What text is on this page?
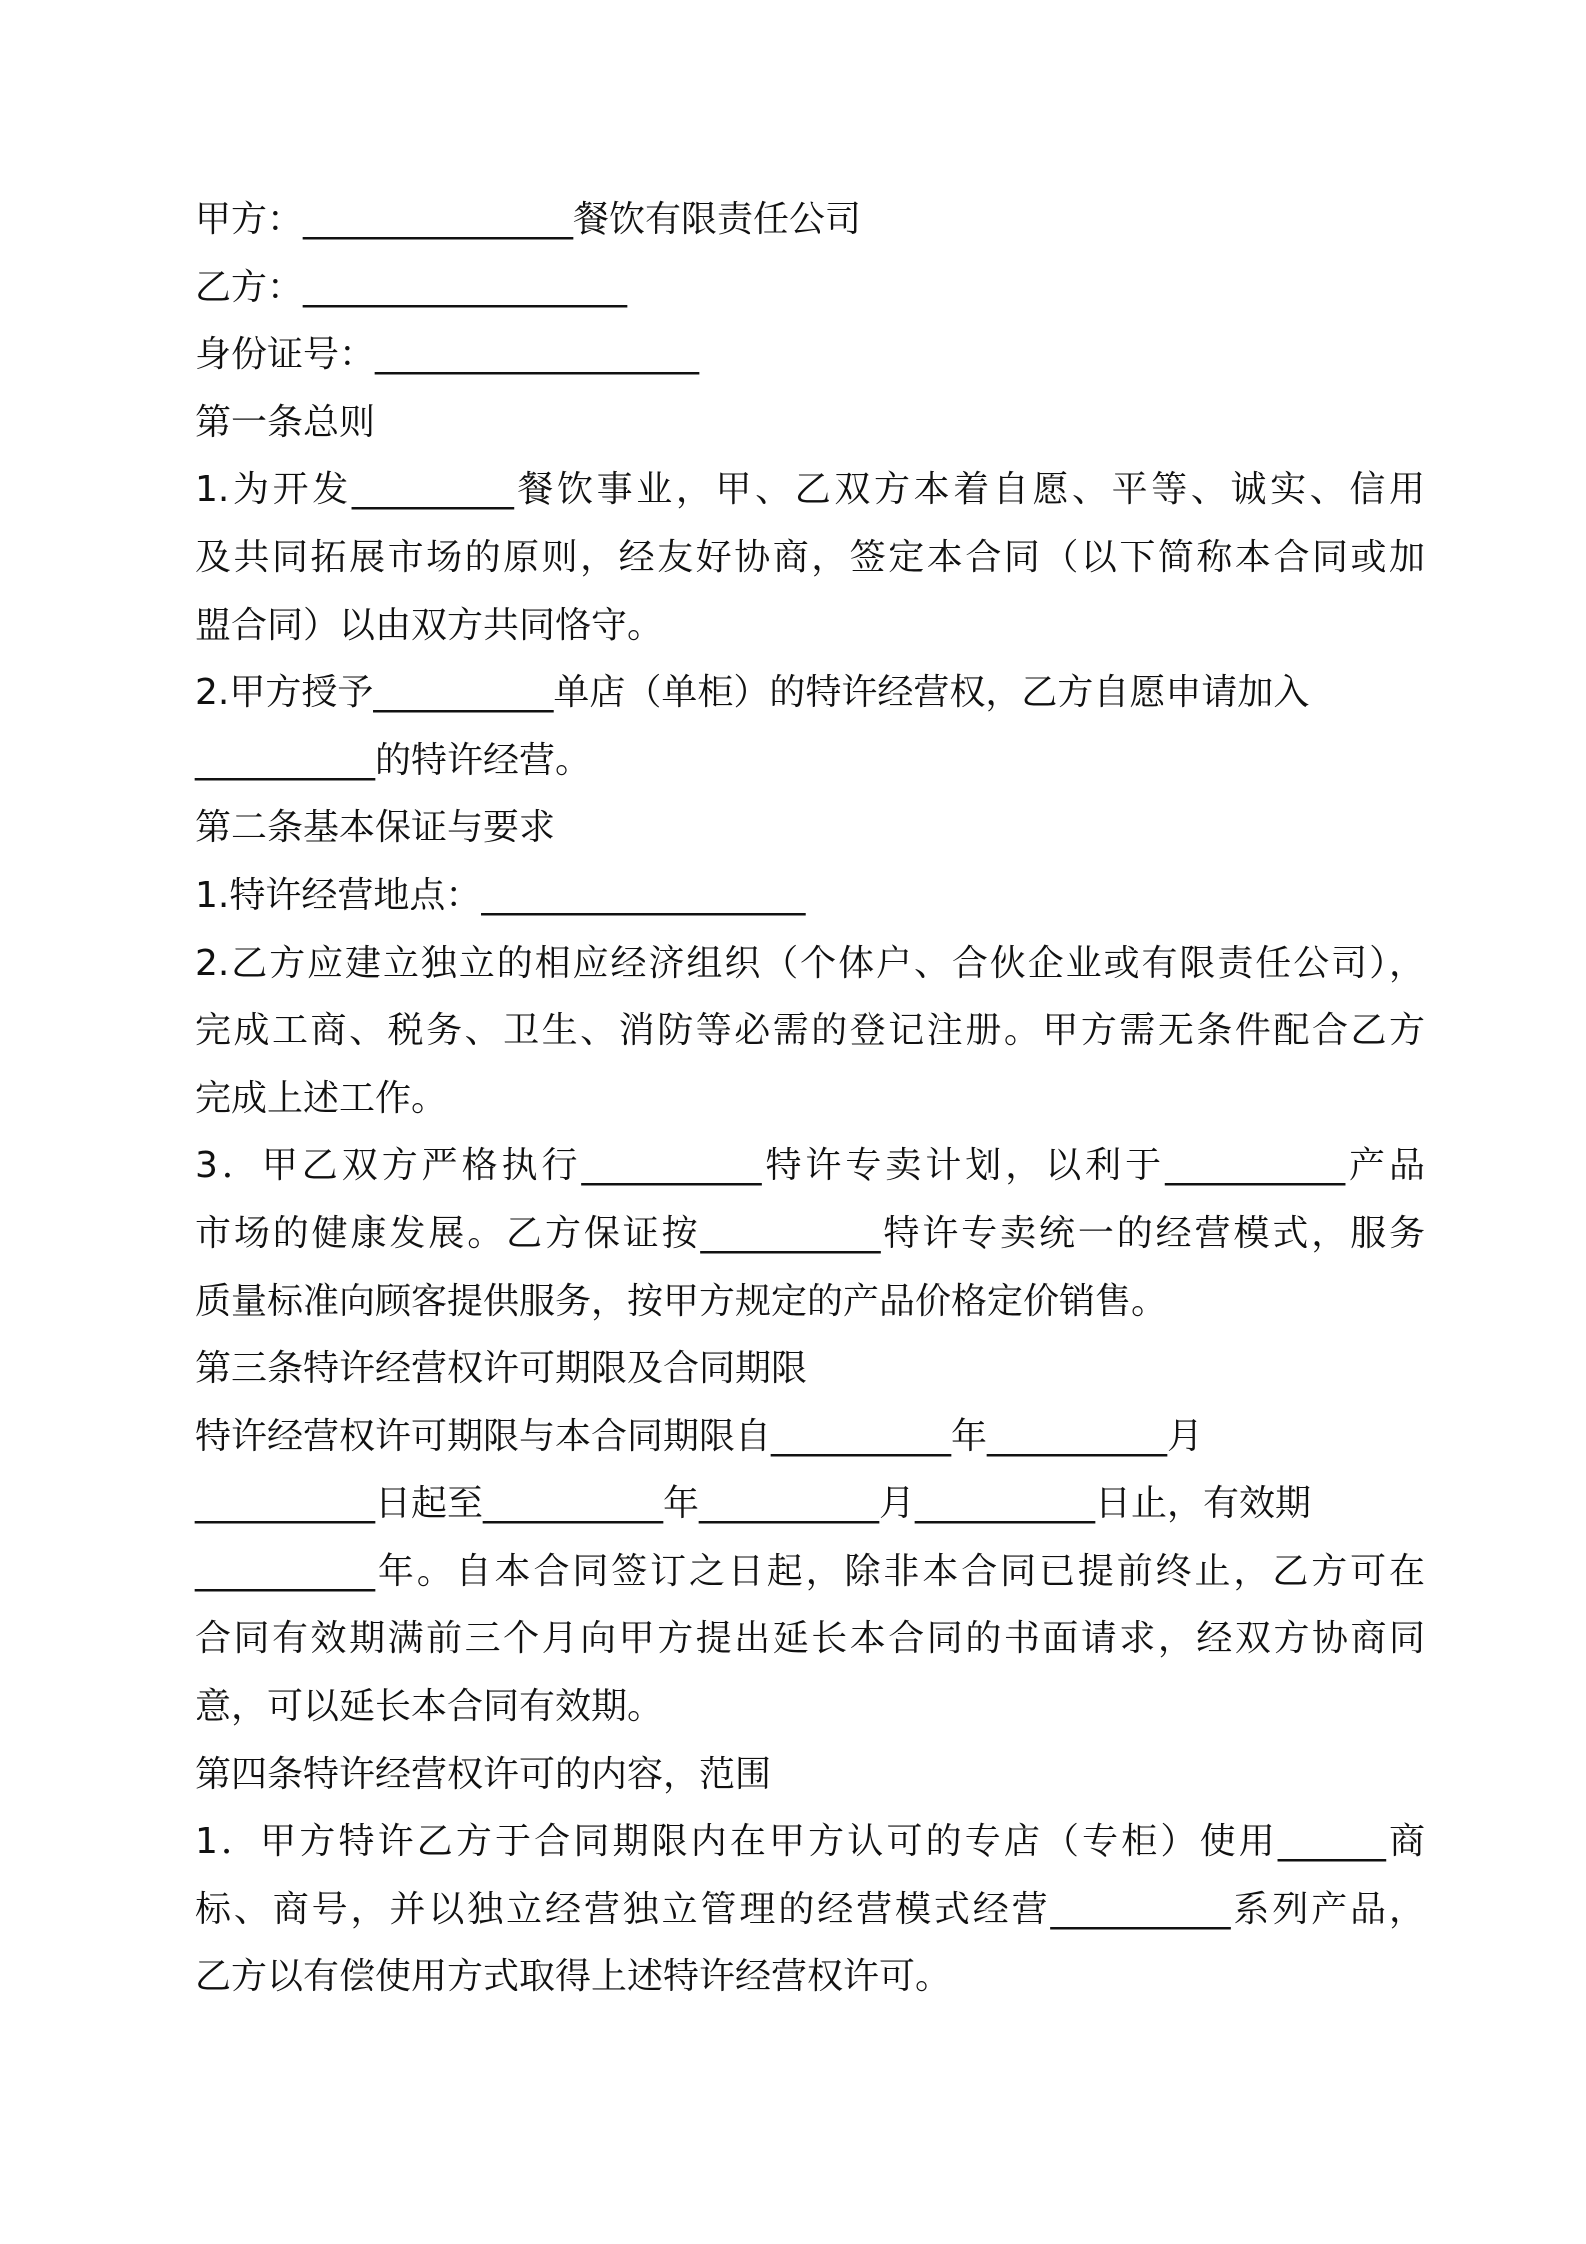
甲方：_______________餐饮有限责任公司
乙方：__________________
身份证号：__________________
第一条总则
1.为开发_________餐饮事业，甲、乙双方本着自愿、平等、诚实、信用
及共同拓展市场的原则，经友好协商，签定本合同（以下简称本合同或加
盟合同）以由双方共同恪守。
2.甲方授予__________单店（单柜）的特许经营权，乙方自愿申请加入
__________的特许经营。
第二条基本保证与要求
1.特许经营地点：__________________
2.乙方应建立独立的相应经济组织（个体户、合伙企业或有限责任公司），
完成工商、税务、卫生、消防等必需的登记注册。甲方需无条件配合乙方
完成上述工作。
3．甲乙双方严格执行__________特许专卖计划，以利于__________产品
市场的健康发展。乙方保证按__________特许专卖统一的经营模式，服务
质量标准向顾客提供服务，按甲方规定的产品价格定价销售。
第三条特许经营权许可期限及合同期限
特许经营权许可期限与本合同期限自__________年__________月
__________日起至__________年__________月__________日止，有效期
__________年。自本合同签订之日起，除非本合同已提前终止，乙方可在
合同有效期满前三个月向甲方提出延长本合同的书面请求，经双方协商同
意，可以延长本合同有效期。
第四条特许经营权许可的内容，范围
1．甲方特许乙方于合同期限内在甲方认可的专店（专柜）使用______商
标、商号，并以独立经营独立管理的经营模式经营__________系列产品，
乙方以有偿使用方式取得上述特许经营权许可。
